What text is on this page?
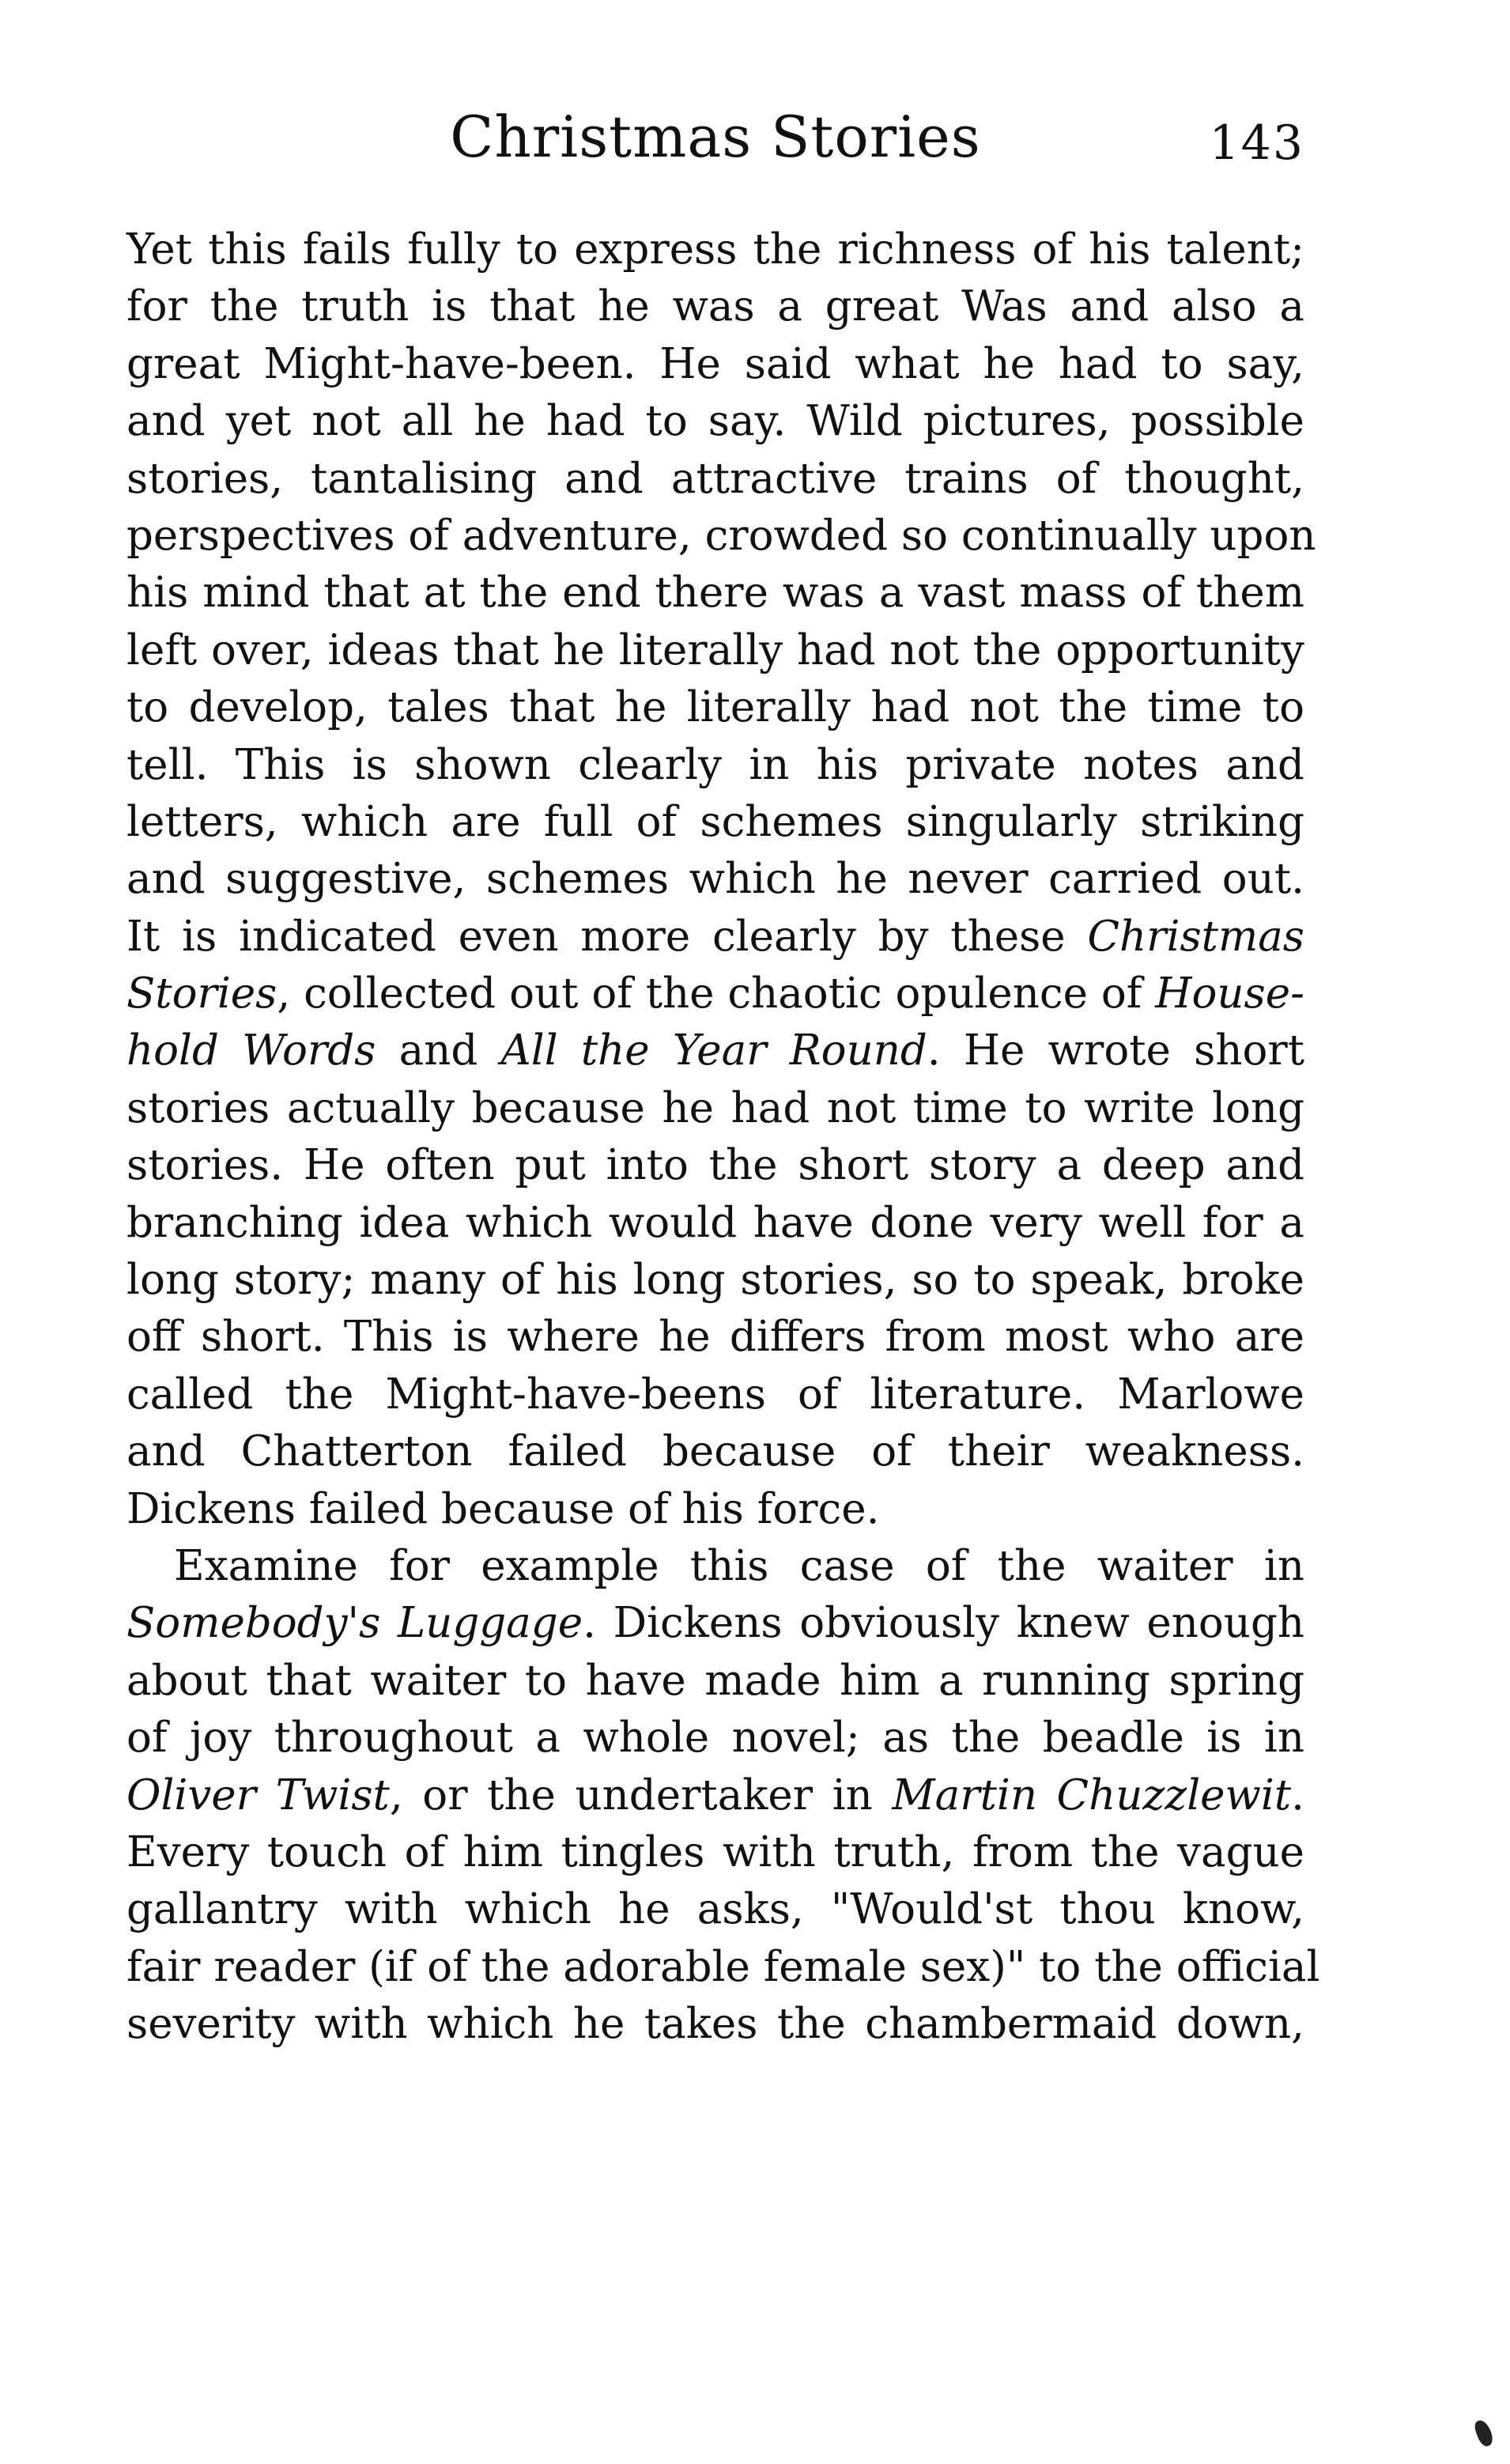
Christmas Stories	143
Yet this fails fully to express the richness of his talent;
for the truth is that he was a great Was and also a
great Might-have-been. He said what he had to say,
and yet not all he had to say. Wild pictures, possible
stories, tantalising and attractive trains of thought,
perspectives of adventure, crowded so continually upon
his mind that at the end there was a vast mass of them
left over, ideas that he literally had not the opportunity
to develop, tales that he literally had not the time to
tell. This is shown clearly in his private notes and
letters, which are full of schemes singularly striking
and suggestive, schemes which he never carried out.
It is indicated even more clearly by these Christmas
Stories, collected out of the chaotic opulence of House-
hold Words and All the Year Round. He wrote short
stories actually because he had not time to write long
stories. He often put into the short story a deep and
branching idea which would have done very well for a
long story; many of his long stories, so to speak, broke
off short. This is where he differs from most who are
called the Might-have-beens of literature. Marlowe
and Chatterton failed because of their weakness.
Dickens failed because of his force.
Examine for example this case of the waiter in
Somebody's Luggage. Dickens obviously knew enough
about that waiter to have made him a running spring
of joy throughout a whole novel; as the beadle is in
Oliver Twist, or the undertaker in Martin Chuzzlewit.
Every touch of him tingles with truth, from the vague
gallantry with which he asks, "Would'st thou know,
fair reader (if of the adorable female sex)" to the official
severity with which he takes the chambermaid down,
